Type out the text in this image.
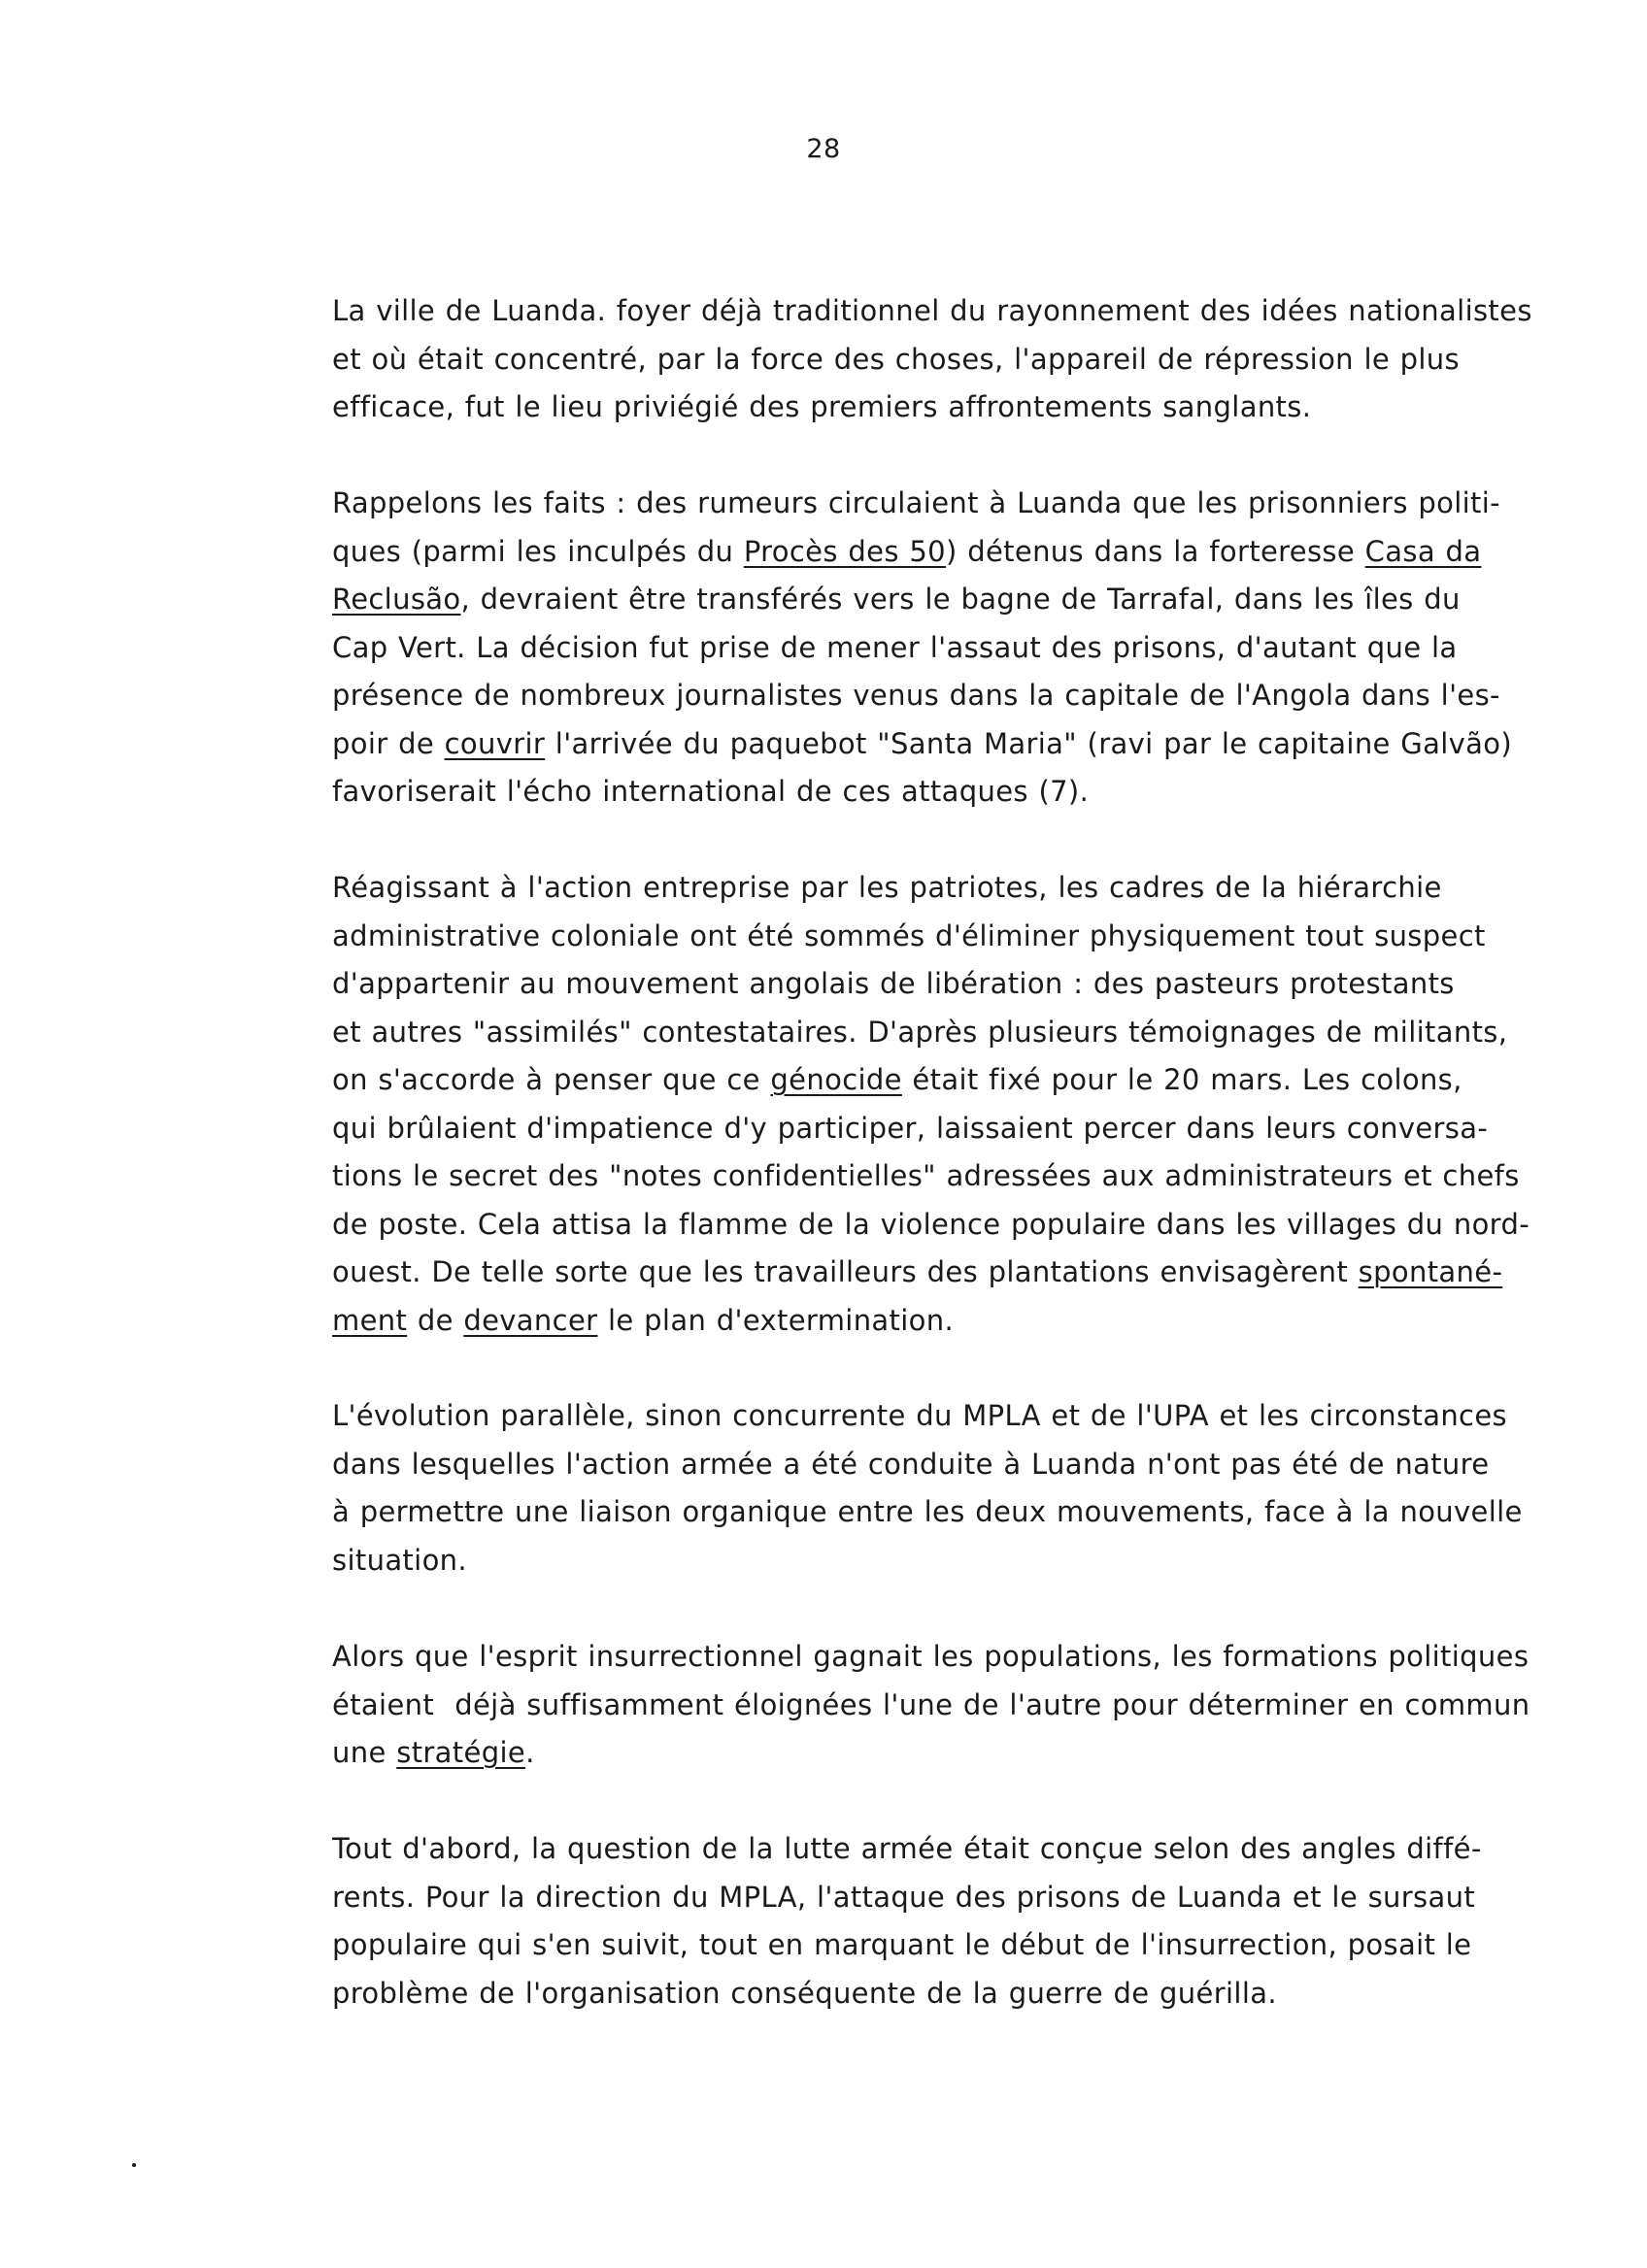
28
La ville de Luanda. foyer déjà traditionnel du rayonnement des idées nationalistes
et où était concentré, par la force des choses, l'appareil de répression le plus
efficace, fut le lieu priviégié des premiers affrontements sanglants.
Rappelons les faits : des rumeurs circulaient à Luanda que les prisonniers politi-
ques (parmi les inculpés du Procès des 50) détenus dans la forteresse Casa da
Reclusão, devraient être transférés vers le bagne de Tarrafal, dans les îles du
Cap Vert. La décision fut prise de mener l'assaut des prisons, d'autant que la
présence de nombreux journalistes venus dans la capitale de l'Angola dans l'es-
poir de couvrir l'arrivée du paquebot "Santa Maria" (ravi par le capitaine Galvão)
favoriserait l'écho international de ces attaques (7).
Réagissant à l'action entreprise par les patriotes, les cadres de la hiérarchie
administrative coloniale ont été sommés d'éliminer physiquement tout suspect
d'appartenir au mouvement angolais de libération : des pasteurs protestants
et autres "assimilés" contestataires. D'après plusieurs témoignages de militants,
on s'accorde à penser que ce génocide était fixé pour le 20 mars. Les colons,
qui brûlaient d'impatience d'y participer, laissaient percer dans leurs conversa-
tions le secret des "notes confidentielles" adressées aux administrateurs et chefs
de poste. Cela attisa la flamme de la violence populaire dans les villages du nord-
ouest. De telle sorte que les travailleurs des plantations envisagèrent spontané-
ment de devancer le plan d'extermination.
L'évolution parallèle, sinon concurrente du MPLA et de l'UPA et les circonstances
dans lesquelles l'action armée a été conduite à Luanda n'ont pas été de nature
à permettre une liaison organique entre les deux mouvements, face à la nouvelle
situation.
Alors que l'esprit insurrectionnel gagnait les populations, les formations politiques
étaient  déjà suffisamment éloignées l'une de l'autre pour déterminer en commun
une stratégie.
Tout d'abord, la question de la lutte armée était conçue selon des angles diffé-
rents. Pour la direction du MPLA, l'attaque des prisons de Luanda et le sursaut
populaire qui s'en suivit, tout en marquant le début de l'insurrection, posait le
problème de l'organisation conséquente de la guerre de guérilla.
